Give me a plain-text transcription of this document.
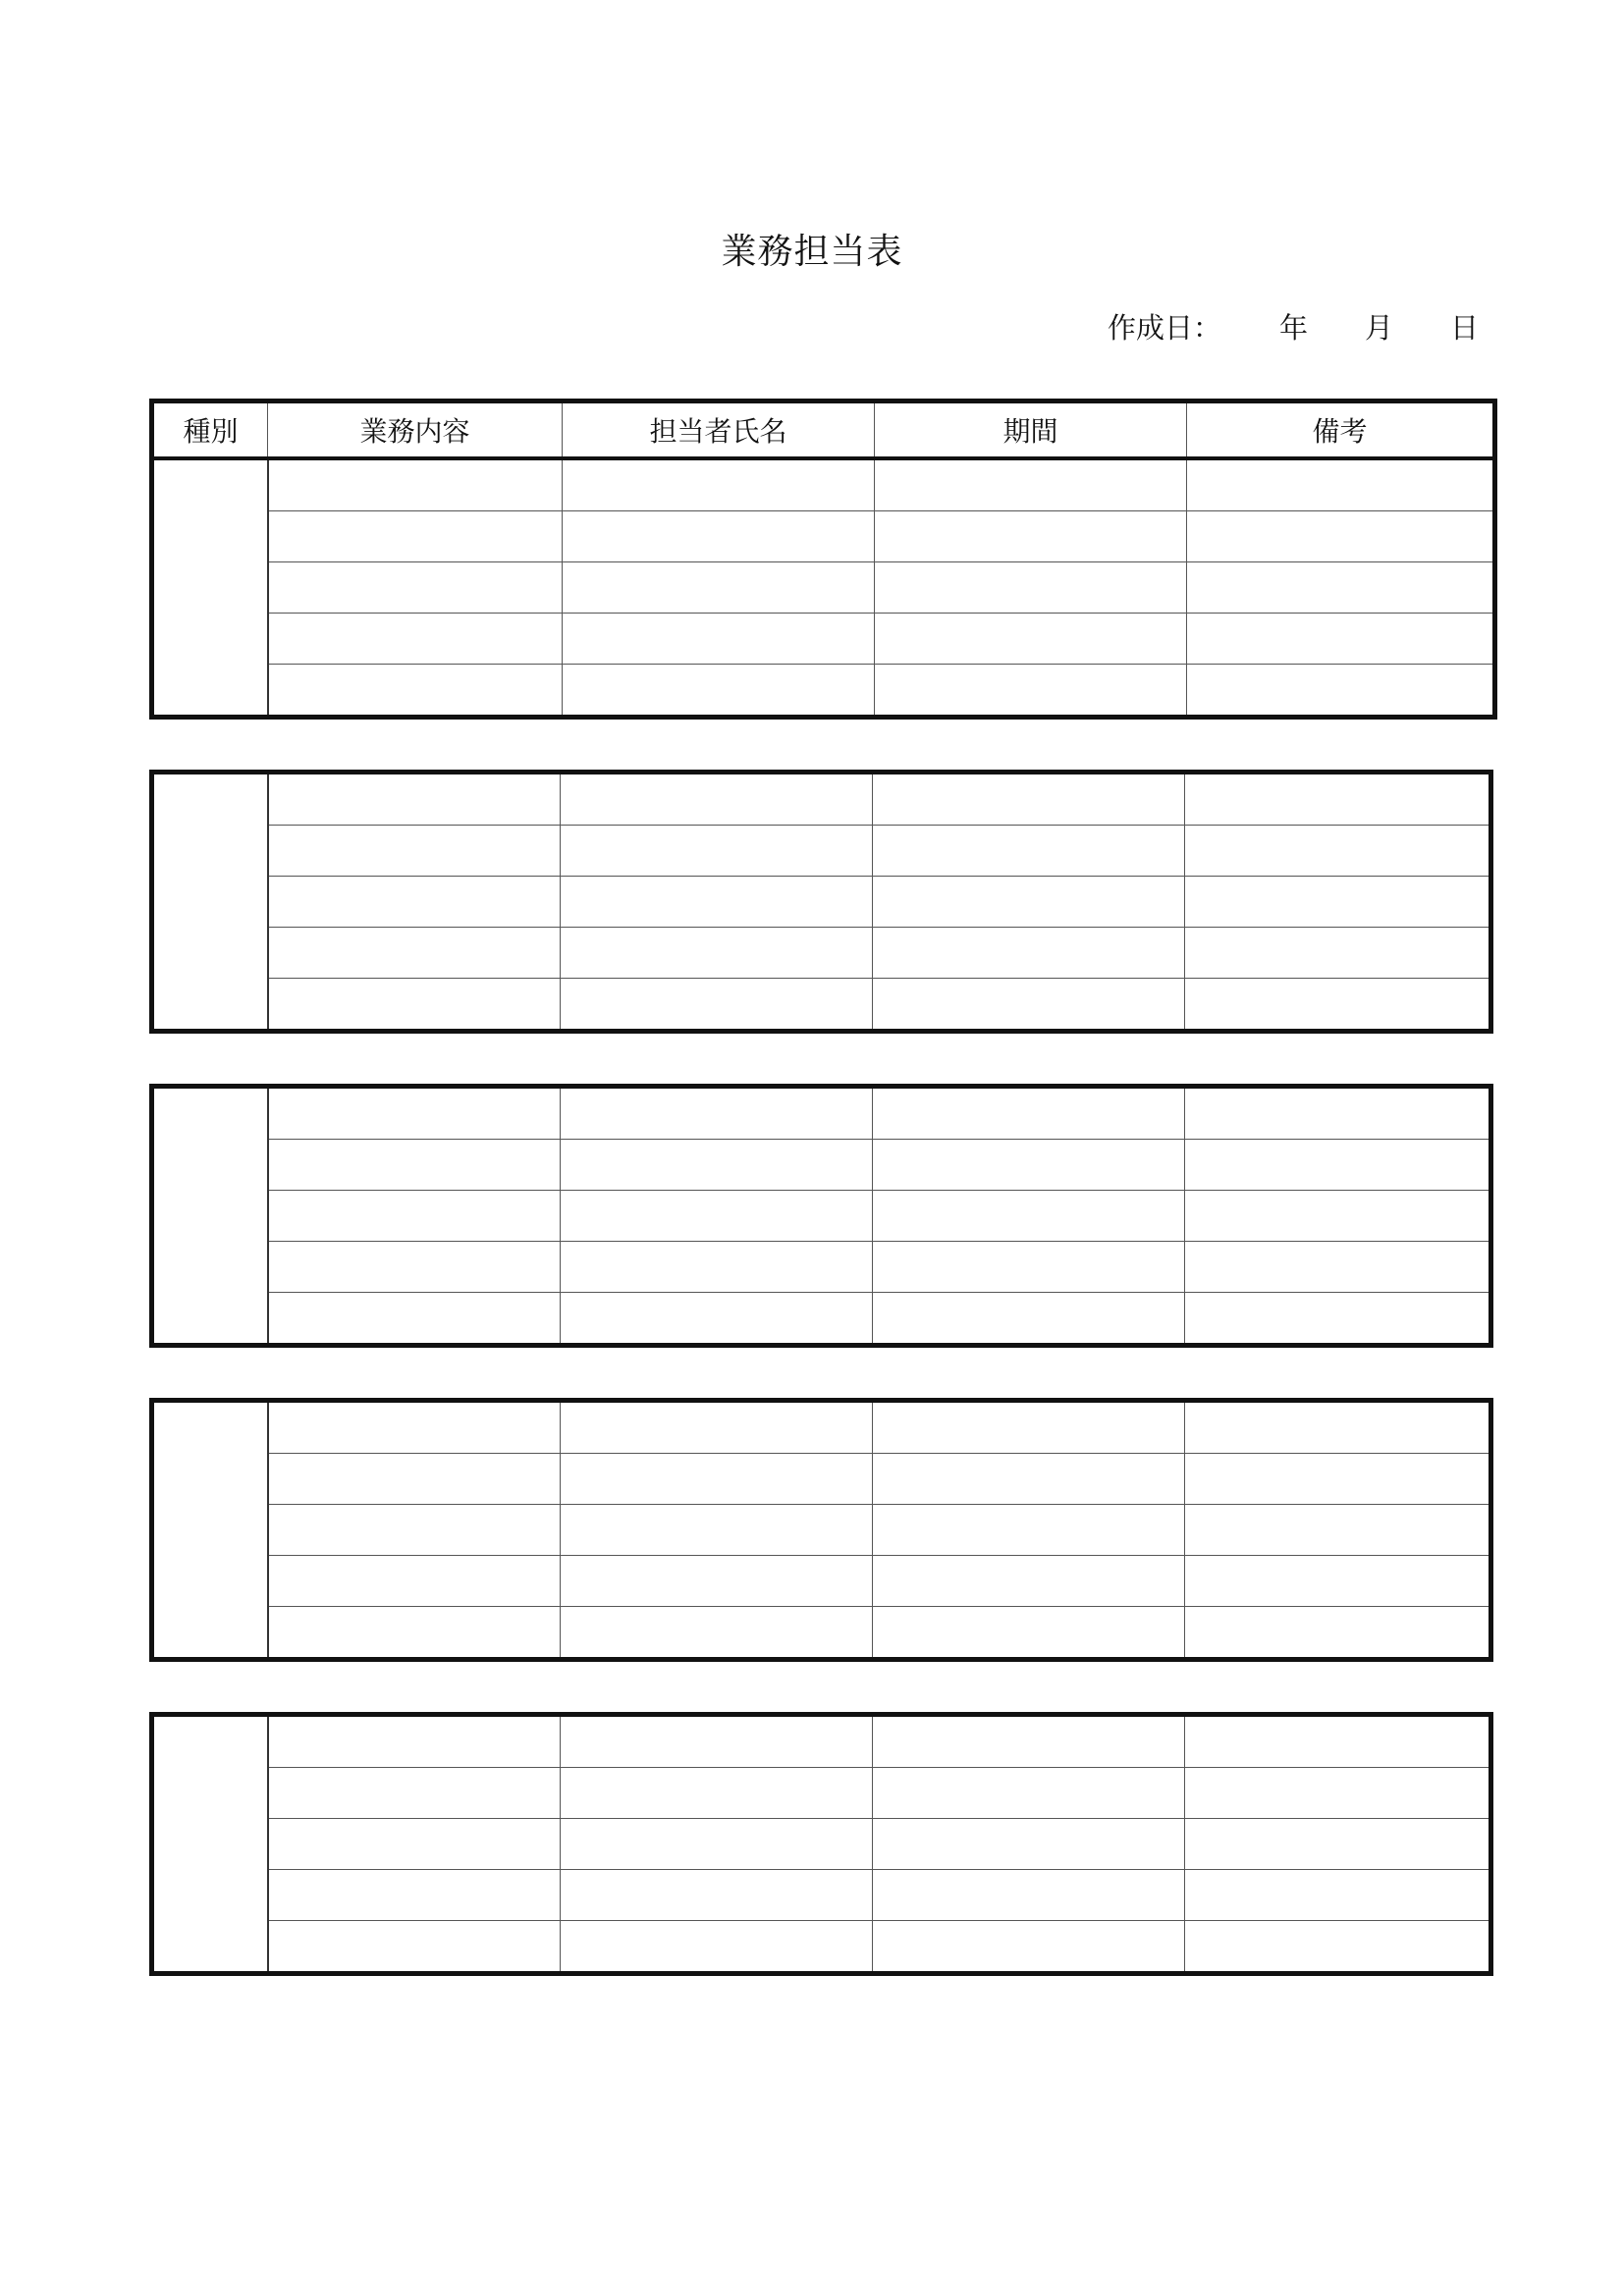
業務担当表
作成日： 年 月 日
種別	業務内容	担当者氏名	期間	備考
